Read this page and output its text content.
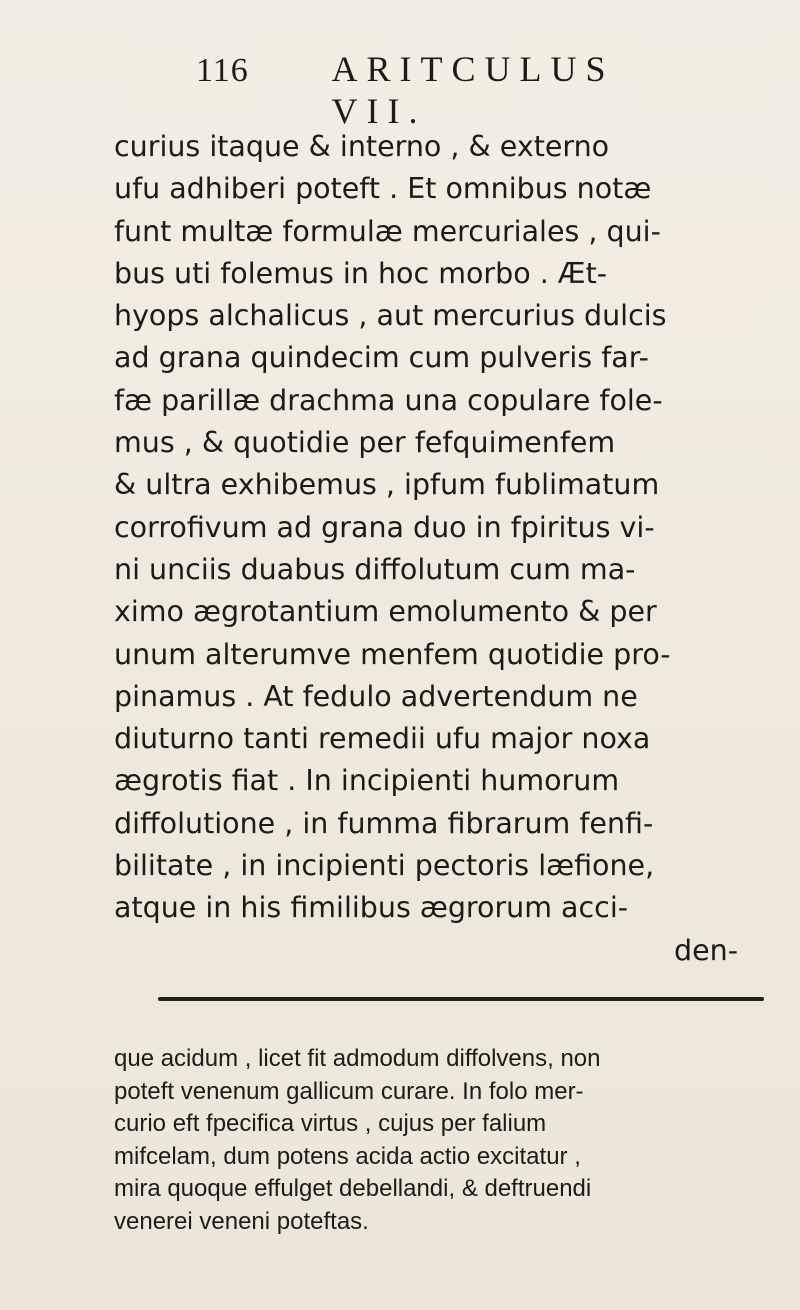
116	ARITCULUS VII.
curius itaque & interno , & externo
ufu adhiberi poteft . Et omnibus notæ
funt multæ formulæ mercuriales , qui-
bus uti folemus in hoc morbo . Æt-
hyops alchalicus , aut mercurius dulcis
ad grana quindecim cum pulveris far-
fæ parillæ drachma una copulare fole-
mus , & quotidie per fefquimenfem
& ultra exhibemus , ipfum fublimatum
corrofivum ad grana duo in fpiritus vi-
ni unciis duabus diffolutum cum ma-
ximo ægrotantium emolumento & per
unum alterumve menfem quotidie pro-
pinamus . At fedulo advertendum ne
diuturno tanti remedii ufu major noxa
ægrotis fiat . In incipienti humorum
diffolutione , in fumma fibrarum fenfi-
bilitate , in incipienti pectoris læfione,
atque in his fimilibus ægrorum acci-
den-
que acidum , licet fit admodum diffolvens, non
poteft venenum gallicum curare. In folo mer-
curio eft fpecifica virtus , cujus per falium
mifcelam, dum potens acida actio excitatur ,
mira quoque effulget debellandi, & deftruendi
venerei veneni poteftas.
